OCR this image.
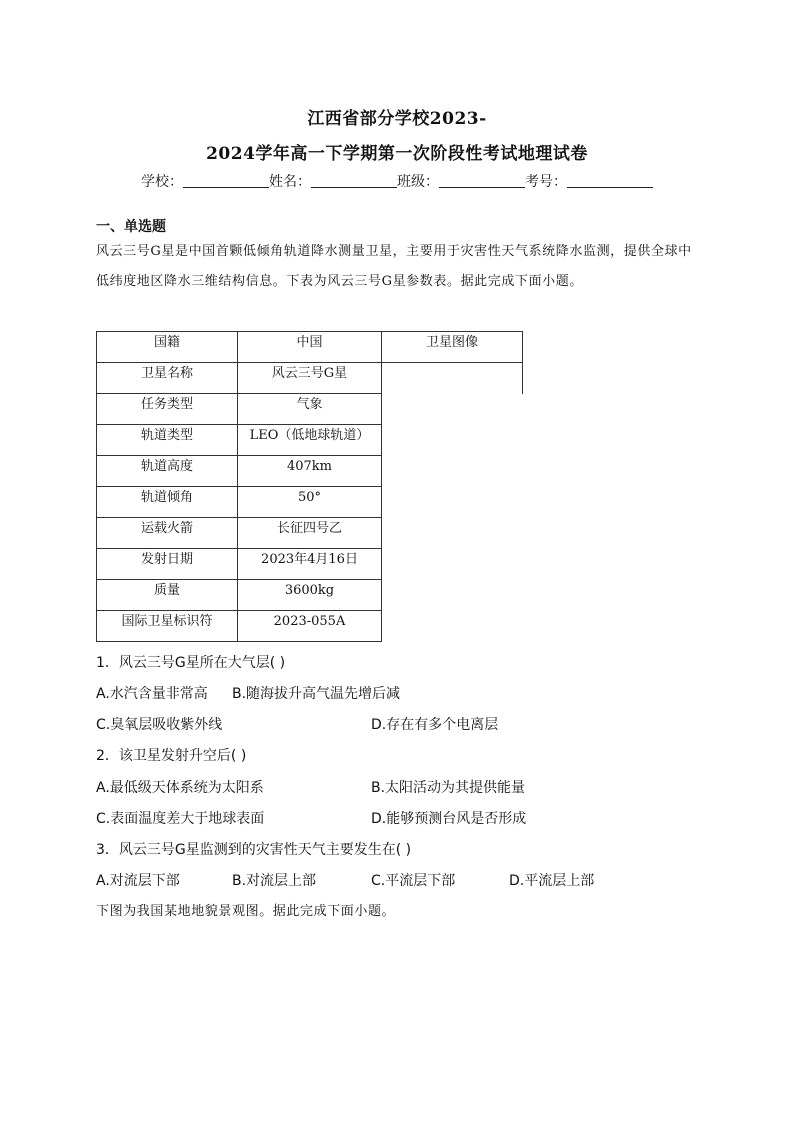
江西省部分学校2023-
2024学年高一下学期第一次阶段性考试地理试卷
学校：	姓名：	班级：	考号：
一、单选题
风云三号G星是中国首颗低倾角轨道降水测量卫星，主要用于灾害性天气系统降水监测，提供全球中低纬度地区降水三维结构信息。下表为风云三号G星参数表。据此完成下面小题。
国籍	中国	卫星图像
卫星名称	风云三号G星	
任务类型	气象	
轨道类型	LEO（低地球轨道）	
轨道高度	407km	
轨道倾角	50°	
运载火箭	长征四号乙	
发射日期	2023年4月16日	
质量	3600kg	
国际卫星标识符	2023-055A	
1．风云三号G星所在大气层( )
A.水汽含量非常高 B.随海拔升高气温先增后减
C.臭氧层吸收紫外线	D.存在有多个电离层
2．该卫星发射升空后( )
A.最低级天体系统为太阳系	B.太阳活动为其提供能量
C.表面温度差大于地球表面	D.能够预测台风是否形成
3．风云三号G星监测到的灾害性天气主要发生在( )
A.对流层下部	B.对流层上部	C.平流层下部	D.平流层上部
下图为我国某地地貌景观图。据此完成下面小题。
